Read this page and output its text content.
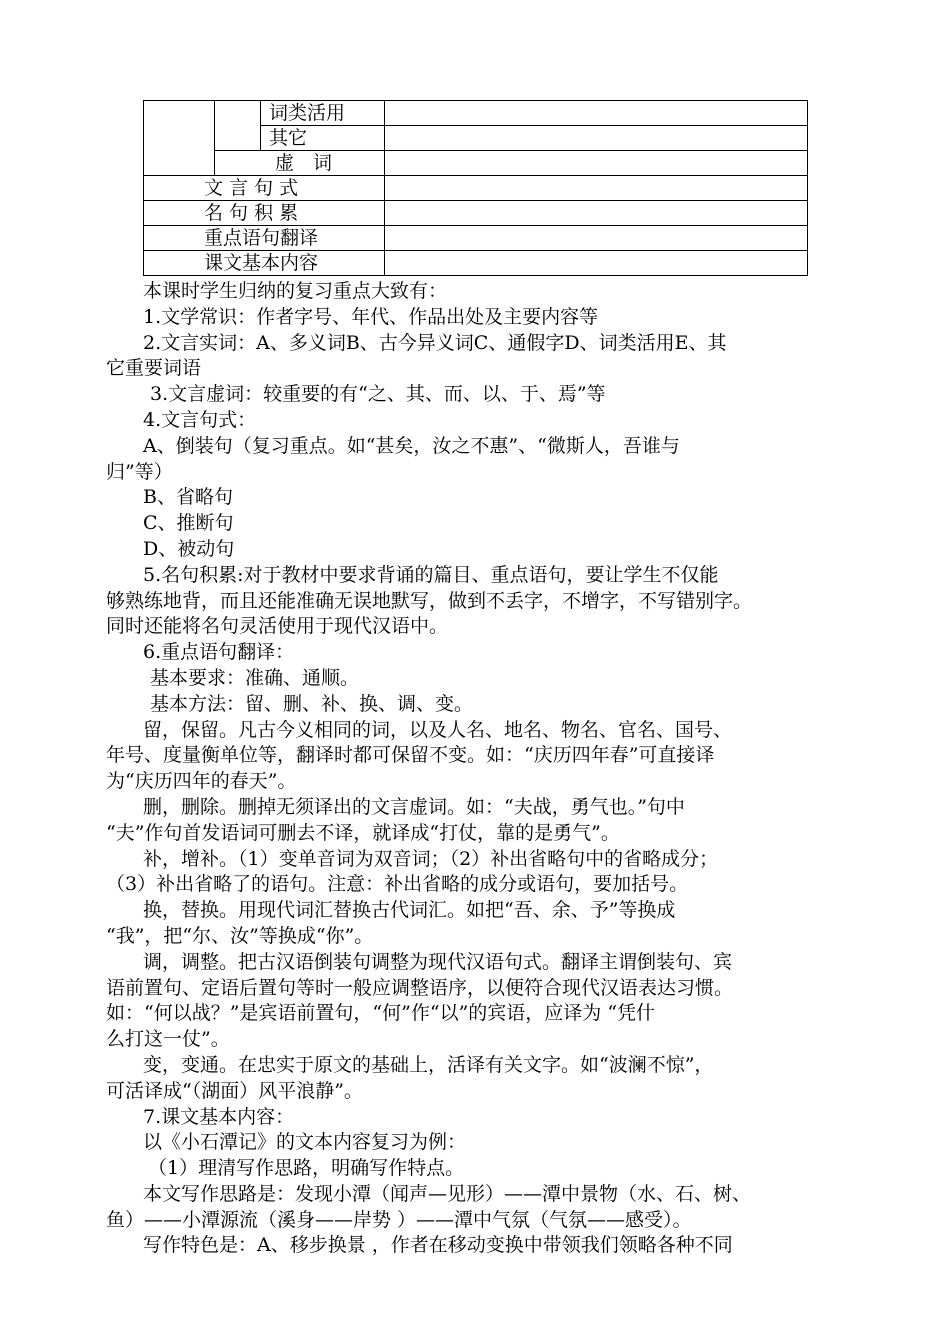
		词类活用	
		其它	
	虚　词		
文 言 句 式			
名 句 积 累			
重点语句翻译			
课文基本内容			
本课时学生归纳的复习重点大致有：
1.文学常识：作者字号、年代、作品出处及主要内容等
2.文言实词：A、多义词B、古今异义词C、通假字D、词类活用E、其
它重要词语
3.文言虚词：较重要的有“之、其、而、以、于、焉”等
4.文言句式：
A、倒装句（复习重点。如“甚矣，汝之不惠”、“微斯人，吾谁与
归”等）
B、省略句
C、推断句
D、被动句
5.名句积累:对于教材中要求背诵的篇目、重点语句，要让学生不仅能
够熟练地背，而且还能准确无误地默写，做到不丢字，不增字，不写错别字。
同时还能将名句灵活使用于现代汉语中。
6.重点语句翻译：
基本要求：准确、通顺。
基本方法：留、删、补、换、调、变。
留，保留。凡古今义相同的词，以及人名、地名、物名、官名、国号、
年号、度量衡单位等，翻译时都可保留不变。如：“庆历四年春”可直接译
为“庆历四年的春天”。
删，删除。删掉无须译出的文言虚词。如：“夫战，勇气也。”句中
“夫”作句首发语词可删去不译，就译成“打仗，靠的是勇气”。
补，增补。（1）变单音词为双音词；（2）补出省略句中的省略成分；
（3）补出省略了的语句。注意：补出省略的成分或语句，要加括号。
换，替换。用现代词汇替换古代词汇。如把“吾、余、予”等换成
“我”，把“尔、汝”等换成“你”。
调，调整。把古汉语倒装句调整为现代汉语句式。翻译主谓倒装句、宾
语前置句、定语后置句等时一般应调整语序，以便符合现代汉语表达习惯。
如：“何以战？”是宾语前置句，“何”作“以”的宾语，应译为 “凭什
么打这一仗”。
变，变通。在忠实于原文的基础上，活译有关文字。如“波澜不惊”，
可活译成“（湖面）风平浪静”。
7.课文基本内容：
以《小石潭记》的文本内容复习为例：
（1）理清写作思路，明确写作特点。
本文写作思路是：发现小潭（闻声—见形）——潭中景物（水、石、树、
鱼）——小潭源流（溪身——岸势 ）——潭中气氛（气氛——感受）。
写作特色是：A、移步换景 ，作者在移动变换中带领我们领略各种不同
